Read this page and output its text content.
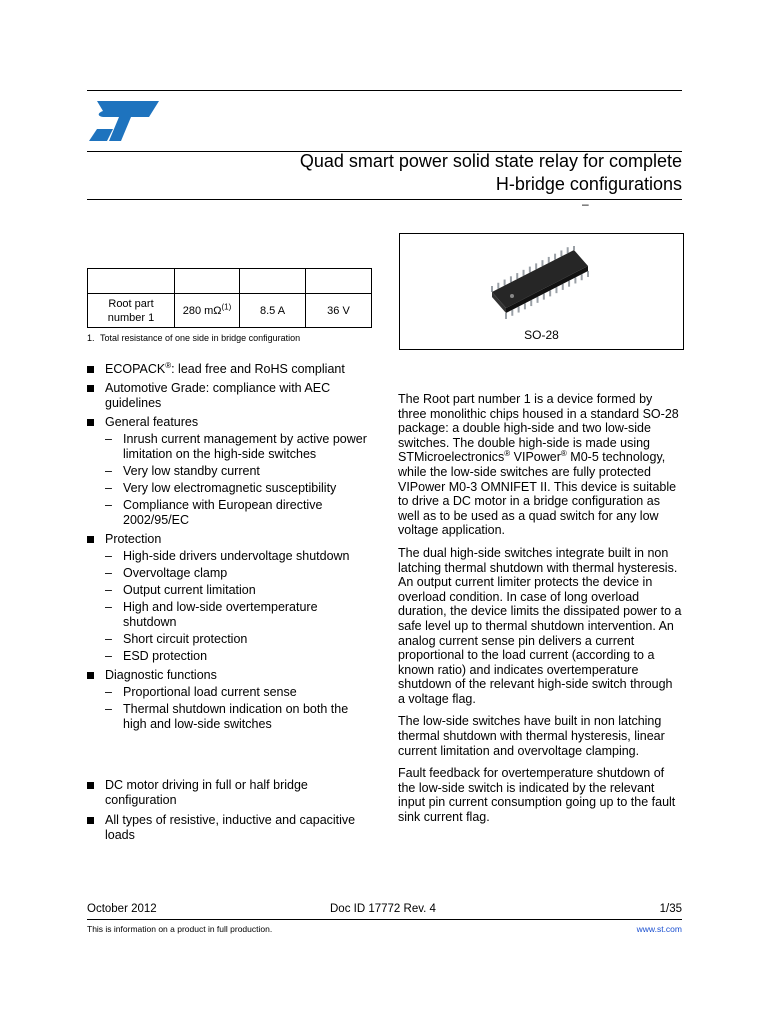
Quad smart power solid state relay for complete
H-bridge configurations
–

Root part number 1	280 $m\Omega^{(1)}$	8.5 A	36 V
1. Total resistance of one side in bridge configuration	SO-28
ECOPACK®: lead free and RoHS compliant
Automotive Grade: compliance with AEC guidelines
General features
– Inrush current management by active power limitation on the high-side switches
– Very low standby current
– Very low electromagnetic susceptibility
– Compliance with European directive 2002/95/EC
Protection
– High-side drivers undervoltage shutdown
– Overvoltage clamp
– Output current limitation
– High and low-side overtemperature shutdown
– Short circuit protection
– ESD protection
Diagnostic functions
– Proportional load current sense
– Thermal shutdown indication on both the high and low-side switches
DC motor driving in full or half bridge configuration
All types of resistive, inductive and capacitive loads

The Root part number 1 is a device formed by three monolithic chips housed in a standard SO-28 package: a double high-side and two low-side switches. The double high-side is made using STMicroelectronics® VIPower® M0-5 technology, while the low-side switches are fully protected VIPower M0-3 OMNIFET II. This device is suitable to drive a DC motor in a bridge configuration as well as to be used as a quad switch for any low voltage application.

The dual high-side switches integrate built in non latching thermal shutdown with thermal hysteresis. An output current limiter protects the device in overload condition. In case of long overload duration, the device limits the dissipated power to a safe level up to thermal shutdown intervention. An analog current sense pin delivers a current proportional to the load current (according to a known ratio) and indicates overtemperature shutdown of the relevant high-side switch through a voltage flag.

The low-side switches have built in non latching thermal shutdown with thermal hysteresis, linear current limitation and overvoltage clamping.

Fault feedback for overtemperature shutdown of the low-side switch is indicated by the relevant input pin current consumption going up to the fault sink current flag.

October 2012	Doc ID 17772 Rev. 4	1/35
This is information on a product in full production.	www.st.com
